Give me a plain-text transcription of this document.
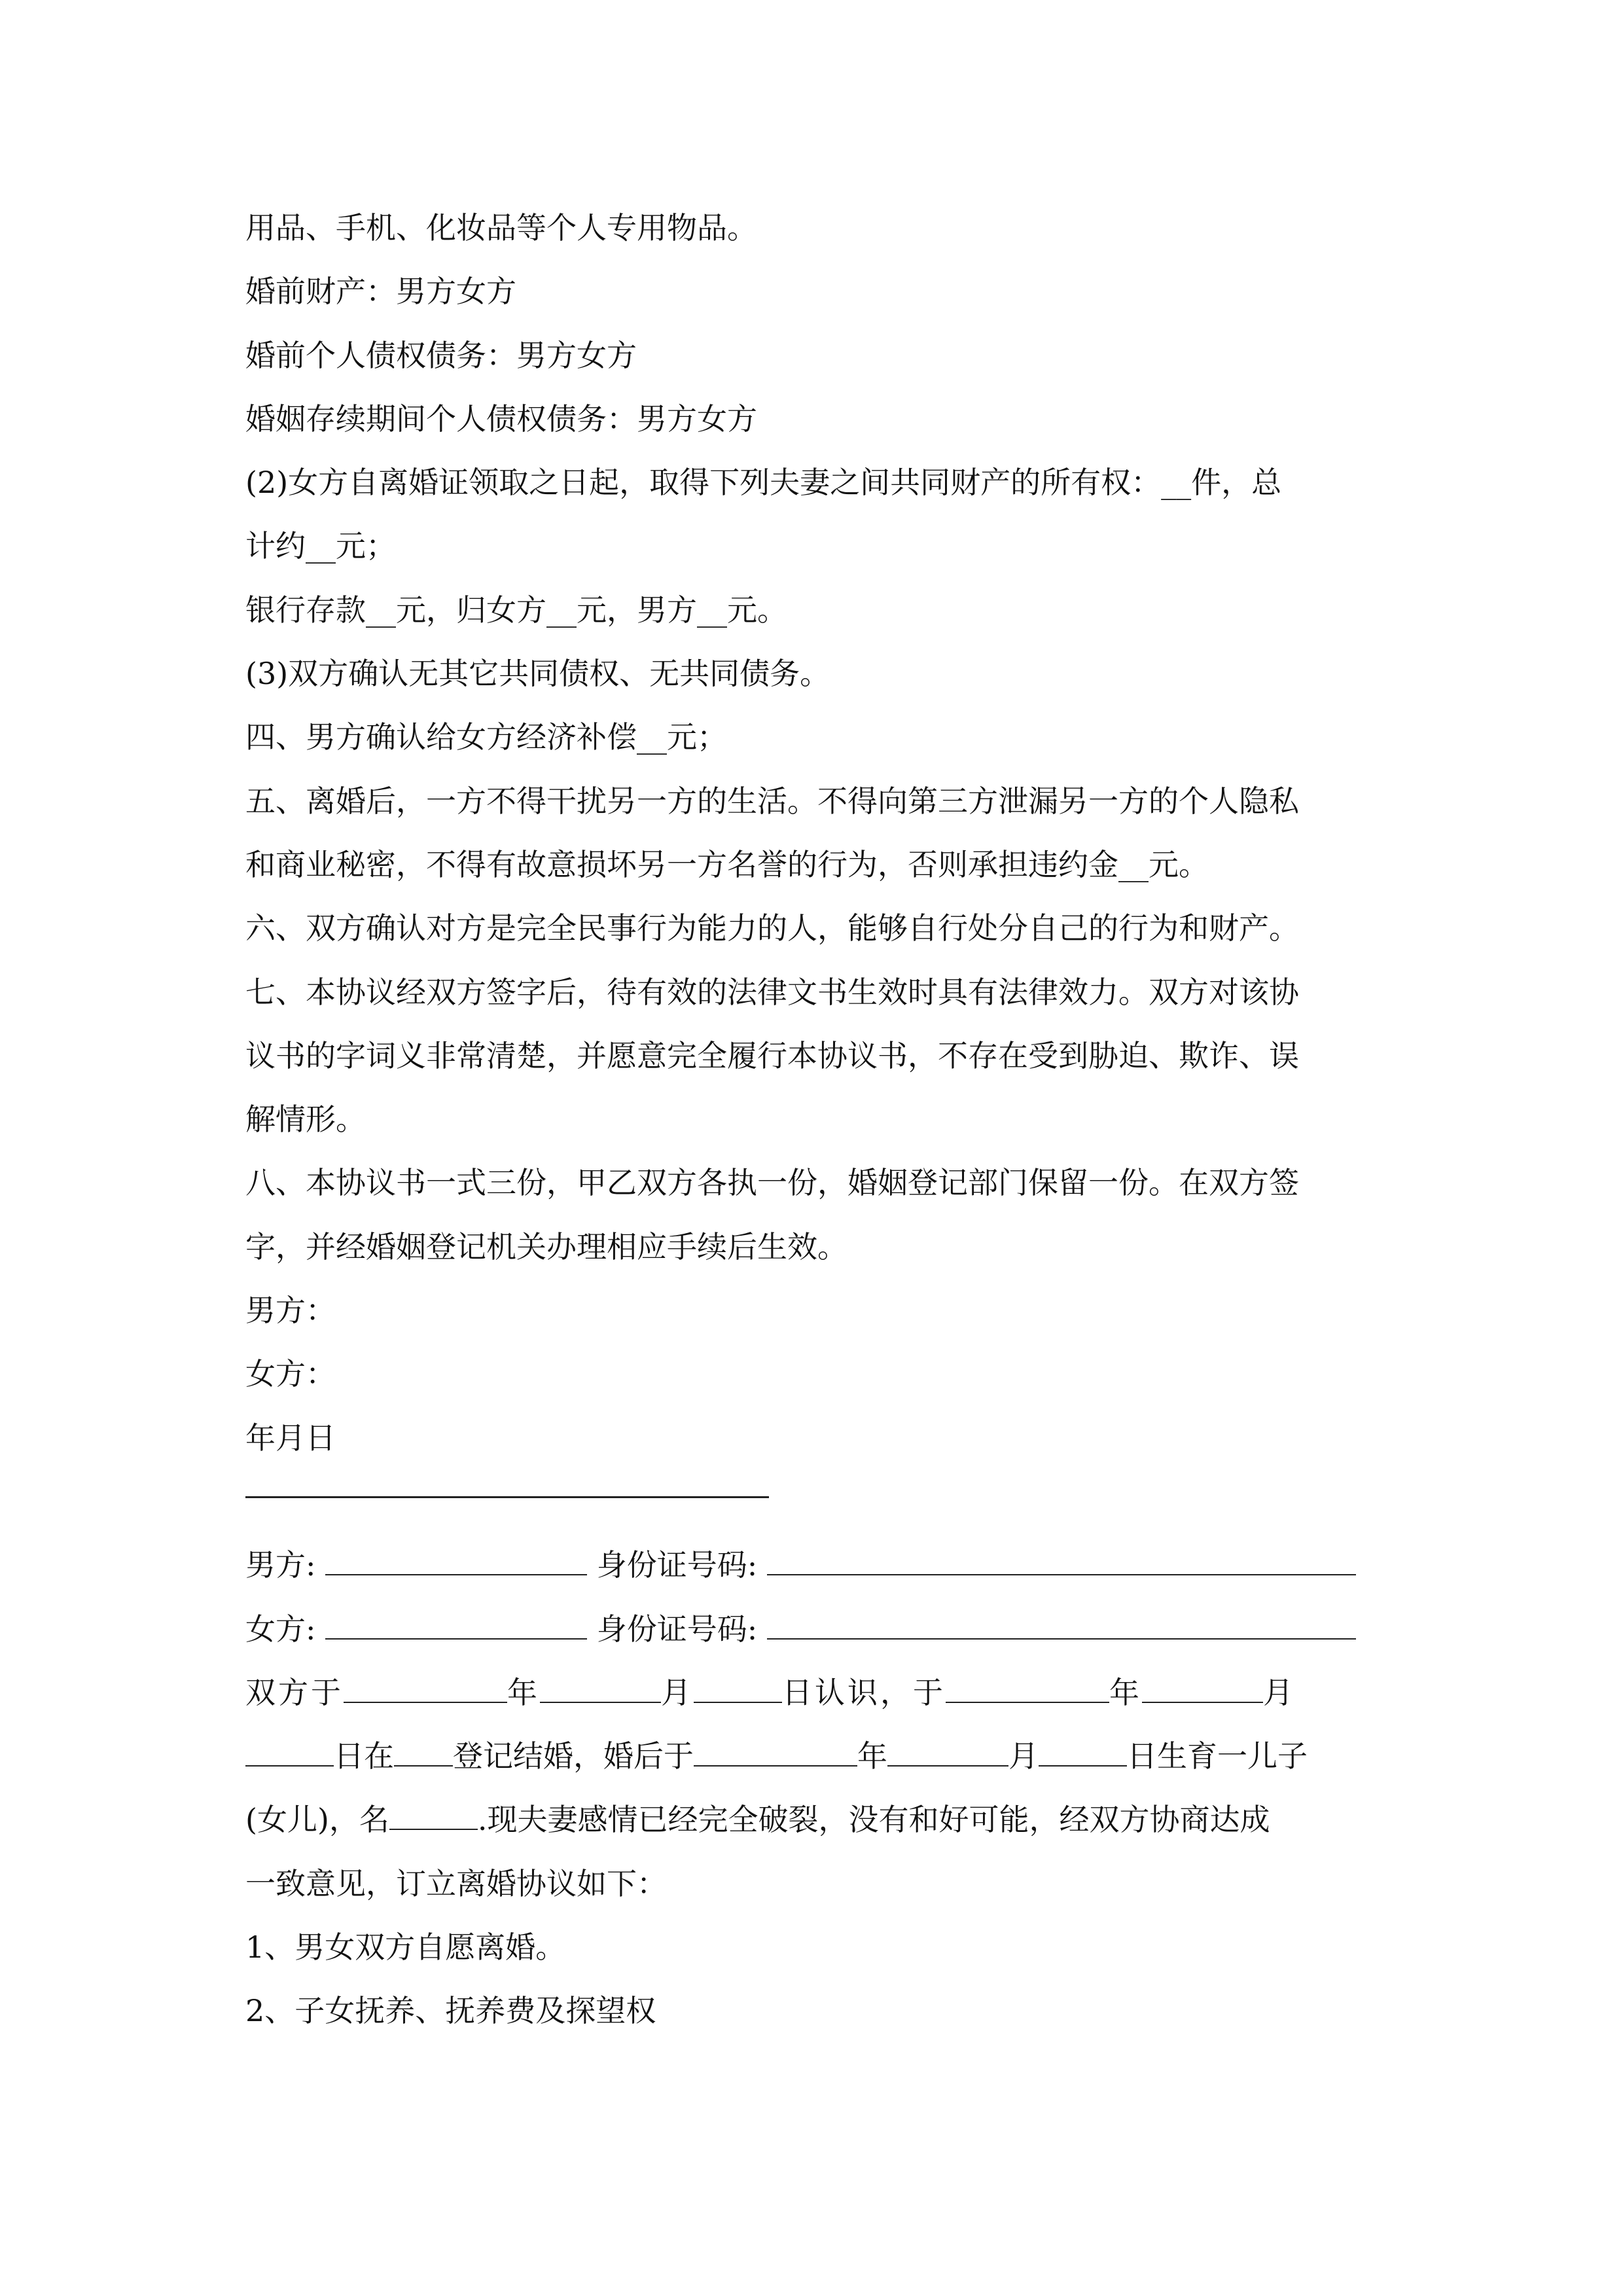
用品、手机、化妆品等个人专用物品。
婚前财产：男方女方
婚前个人债权债务：男方女方
婚姻存续期间个人债权债务：男方女方
(2)女方自离婚证领取之日起，取得下列夫妻之间共同财产的所有权：__件，总
计约__元；
银行存款__元，归女方__元，男方__元。
(3)双方确认无其它共同债权、无共同债务。
四、男方确认给女方经济补偿__元；
五、离婚后，一方不得干扰另一方的生活。不得向第三方泄漏另一方的个人隐私
和商业秘密，不得有故意损坏另一方名誉的行为，否则承担违约金__元。
六、双方确认对方是完全民事行为能力的人，能够自行处分自己的行为和财产。
七、本协议经双方签字后，待有效的法律文书生效时具有法律效力。双方对该协
议书的字词义非常清楚，并愿意完全履行本协议书，不存在受到胁迫、欺诈、误
解情形。
八、本协议书一式三份，甲乙双方各执一份，婚姻登记部门保留一份。在双方签
字，并经婚姻登记机关办理相应手续后生效。
男方：
女方：
年月日
男方:	身份证号码:
女方:	身份证号码:
双方于	年	月	日认识，于	年	月
日在 登记结婚，婚后于	年	月	日生育一儿子
(女儿)，名	.现夫妻感情已经完全破裂，没有和好可能，经双方协商达成
一致意见，订立离婚协议如下：
1、男女双方自愿离婚。
2、子女抚养、抚养费及探望权
